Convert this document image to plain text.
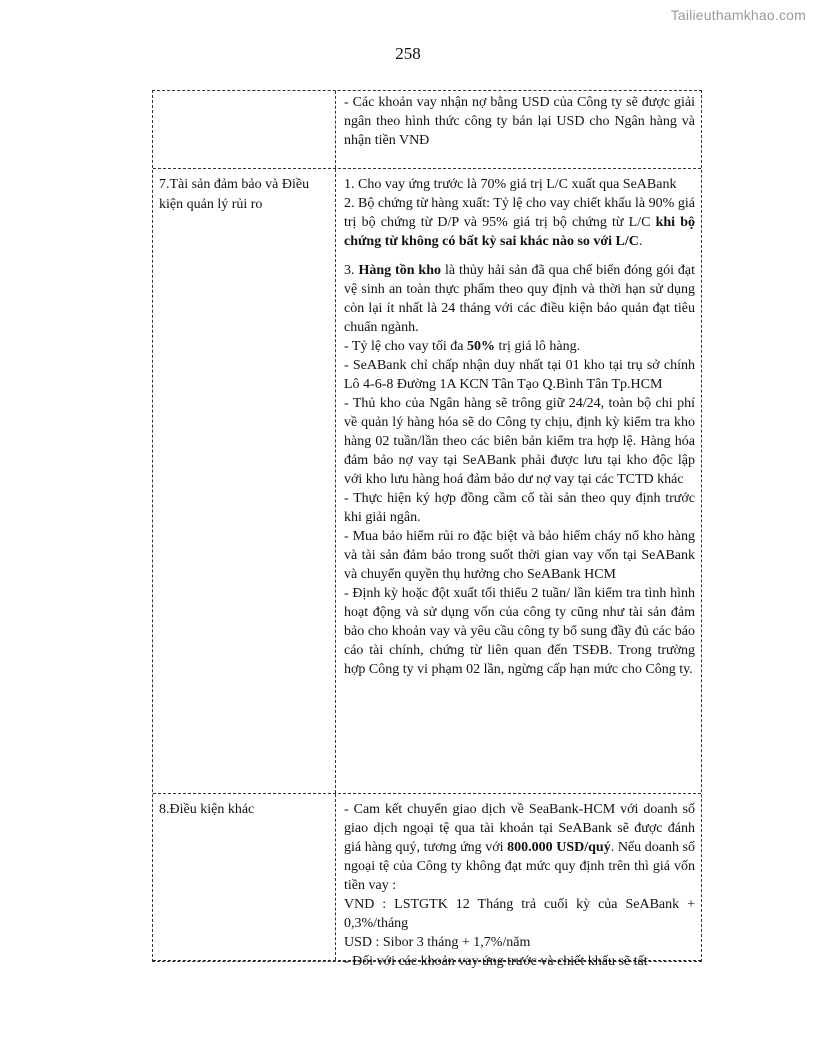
Tailieuthamkhao.com
258

- Các khoản vay nhận nợ bằng USD của Công ty sẽ được giải ngân theo hình thức công ty bán lại USD cho Ngân hàng và nhận tiền VNĐ

7.Tài sản đảm bảo và Điều kiện quản lý rủi ro

1. Cho vay ứng trước là 70% giá trị L/C xuất qua SeABank

2. Bộ chứng từ hàng xuất: Tỷ lệ cho vay chiết khấu là 90% giá trị bộ chứng từ D/P và 95% giá trị bộ chứng từ L/C khi bộ chứng từ không có bất kỳ sai khác nào so với L/C.

3. Hàng tồn kho là thủy hải sản đã qua chế biến đóng gói đạt vệ sinh an toàn thực phẩm theo quy định và thời hạn sử dụng còn lại ít nhất là 24 tháng với các điều kiện bảo quản đạt tiêu chuẩn ngành.

- Tỷ lệ cho vay tối đa 50% trị giá lô hàng.

- SeABank chỉ chấp nhận duy nhất tại 01 kho tại trụ sở chính Lô 4-6-8 Đường 1A KCN Tân Tạo Q.Bình Tân Tp.HCM

- Thủ kho của Ngân hàng sẽ trông giữ 24/24, toàn bộ chi phí về quản lý hàng hóa sẽ do Công ty chịu, định kỳ kiểm tra kho hàng 02 tuần/lần theo các biên bản kiểm tra hợp lệ. Hàng hóa đảm bảo nợ vay tại SeABank phải được lưu tại kho độc lập với kho lưu hàng hoá đảm bảo dư nợ vay tại các TCTD khác

- Thực hiện ký hợp đồng cầm cố tài sản theo quy định trước khi giải ngân.

- Mua bảo hiểm rủi ro đặc biệt và bảo hiểm cháy nổ kho hàng và tài sản đảm bảo trong suốt thời gian vay vốn tại SeABank và chuyển quyền thụ hưởng cho SeABank HCM

- Định kỳ hoặc đột xuất tối thiểu 2 tuần/ lần kiểm tra tình hình hoạt động và sử dụng vốn của công ty cũng như tài sản đảm bảo cho khoản vay và yêu cầu công ty bổ sung đầy đủ các báo cáo tài chính, chứng từ liên quan đến TSĐB. Trong trường hợp Công ty vi phạm 02 lần, ngừng cấp hạn mức cho Công ty.

8.Điều kiện khác	- Cam kết chuyển giao dịch về SeaBank-HCM với doanh số giao dịch ngoại tệ qua tài khoản tại SeABank sẽ được đánh giá hàng quý, tương ứng với 800.000 USD/quý. Nếu doanh số ngoại tệ của Công ty không đạt mức quy định trên thì giá vốn tiền vay :

VND : LSTGTK 12 Tháng trả cuối kỳ của SeABank + 0,3%/tháng

USD : Sibor 3 tháng + 1,7%/năm

- Đối với các khoản vay ứng trước và chiết khấu sẽ tất
